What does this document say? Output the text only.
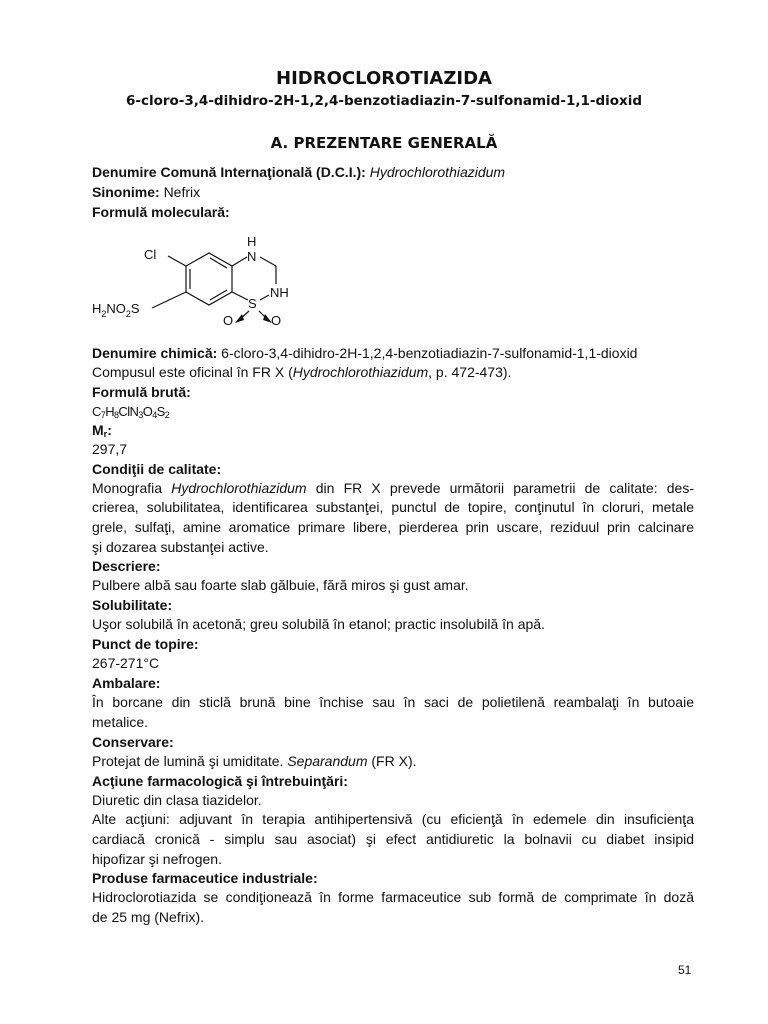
HIDROCLOROTIAZIDA

6-cloro-3,4-dihidro-2H-1,2,4-benzotiadiazin-7-sulfonamid-1,1-dioxid

A. PREZENTARE GENERALĂ

Denumire Comună Internaţională (D.C.I.): Hydrochlorothiazidum

Sinonime: Nefrix

Formulă moleculară:

Cl
H
N
NH
S
O	O
$H_2NO_2S$

Denumire chimică: 6-cloro-3,4-dihidro-2H-1,2,4-benzotiadiazin-7-sulfonamid-1,1-dioxid

Compusul este oficinal în FR X (Hydrochlorothiazidum, p. 472-473).

Formulă brută:

$C_7H_8ClN_3O_4S_2$

$M_r$:

297,7

Condiţii de calitate:

Monografia Hydrochlorothiazidum din FR X prevede următorii parametrii de calitate: des-

crierea, solubilitatea, identificarea substanţei, punctul de topire, conţinutul în cloruri, metale

grele, sulfaţi, amine aromatice primare libere, pierderea prin uscare, reziduul prin calcinare

şi dozarea substanţei active.

Descriere:

Pulbere albă sau foarte slab gălbuie, fără miros şi gust amar.

Solubilitate:

Uşor solubilă în acetonă; greu solubilă în etanol; practic insolubilă în apă.

Punct de topire:

267-271°C

Ambalare:

În borcane din sticlă brună bine închise sau în saci de polietilenă reambalaţi în butoaie

metalice.

Conservare:

Protejat de lumină şi umiditate. Separandum (FR X).

Acţiune farmacologică şi întrebuinţări:

Diuretic din clasa tiazidelor.

Alte acţiuni: adjuvant în terapia antihipertensivă (cu eficienţă în edemele din insuficienţa

cardiacă cronică - simplu sau asociat) şi efect antidiuretic la bolnavii cu diabet insipid

hipofizar şi nefrogen.

Produse farmaceutice industriale:

Hidroclorotiazida se condiţionează în forme farmaceutice sub formă de comprimate în doză

de 25 mg (Nefrix).

51
